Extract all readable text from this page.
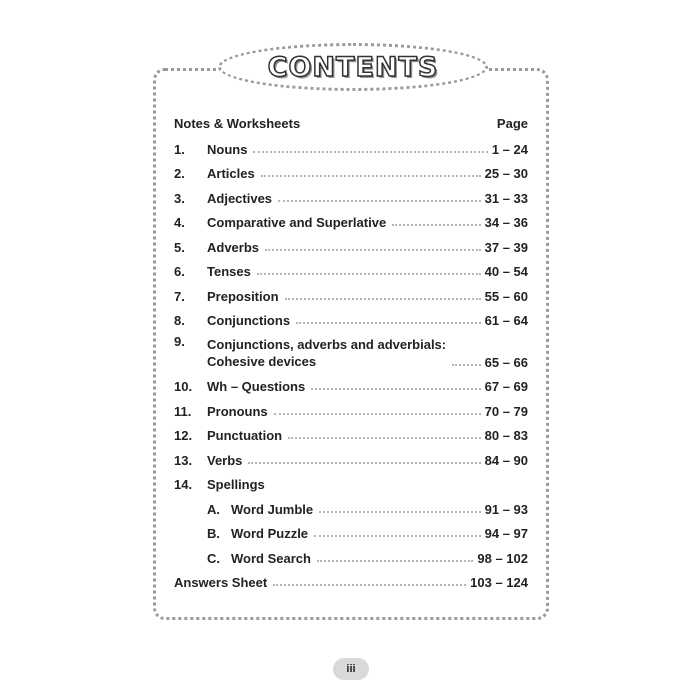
CONTENTS
Notes & Worksheets	Page
1.	Nouns	1 – 24
2.	Articles	25 – 30
3.	Adjectives	31 – 33
4.	Comparative and Superlative	34 – 36
5.	Adverbs	37 – 39
6.	Tenses	40 – 54
7.	Preposition	55 – 60
8.	Conjunctions	61 – 64
9.	Conjunctions, adverbs and adverbials:
Cohesive devices	65 – 66
10.	Wh – Questions	67 – 69
11.	Pronouns	70 – 79
12.	Punctuation	80 – 83
13.	Verbs	84 – 90
14.	Spellings
A. Word Jumble	91 – 93
B. Word Puzzle	94 – 97
C. Word Search	98 – 102
Answers Sheet	103 – 124
iii
